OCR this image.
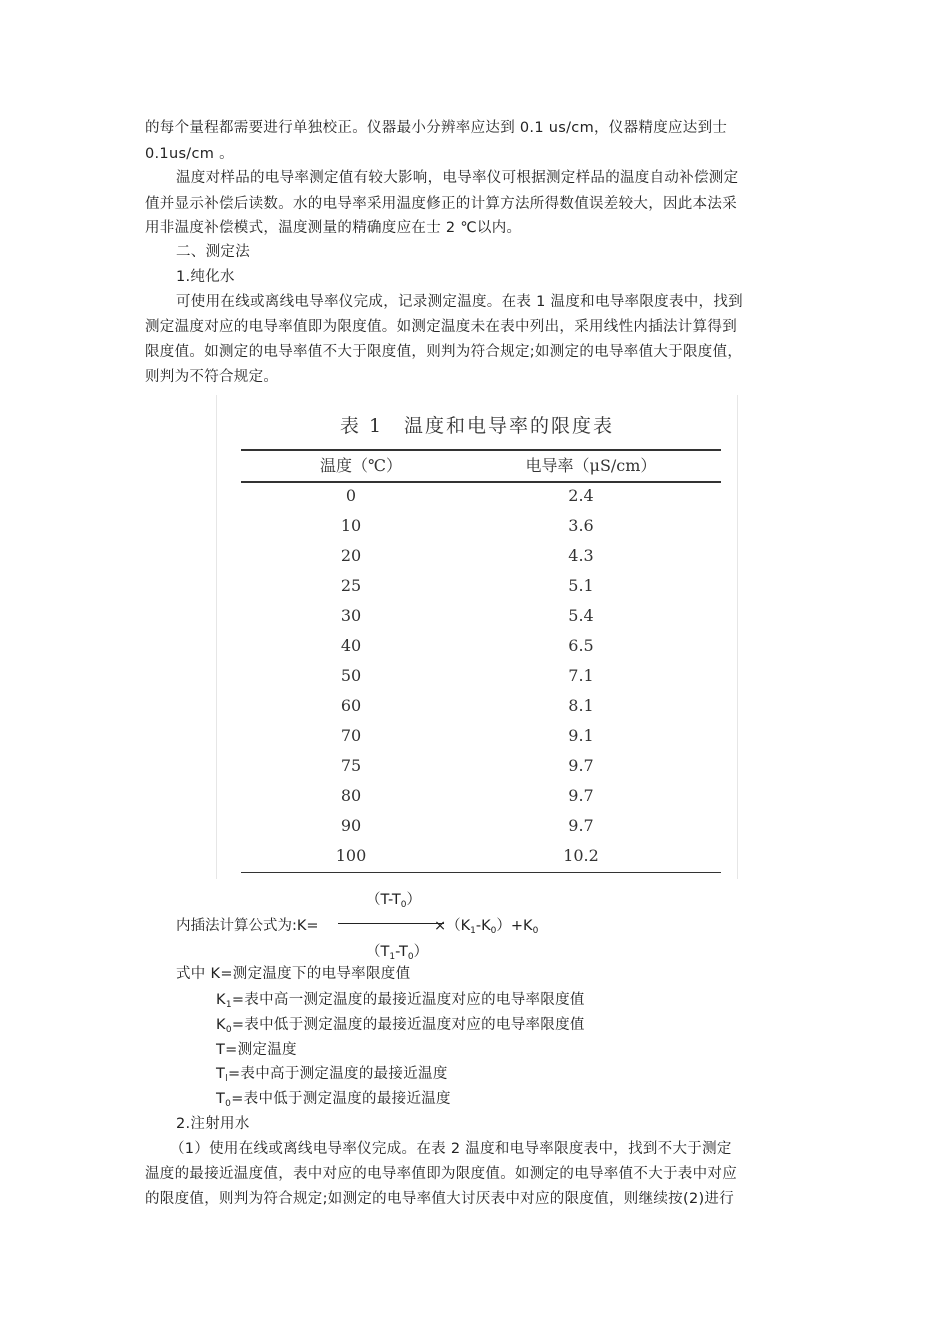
的每个量程都需要进行单独校正。仪器最小分辨率应达到 0.1 us/cm，仪器精度应达到士
0.1us/cm 。
温度对样品的电导率测定值有较大影响，电导率仪可根据测定样品的温度自动补偿测定
值并显示补偿后读数。水的电导率采用温度修正的计算方法所得数值误差较大，因此本法采
用非温度补偿模式，温度测量的精确度应在士 2 ℃以内。
二、测定法
1.纯化水
可使用在线或离线电导率仪完成，记录测定温度。在表 1 温度和电导率限度表中，找到
测定温度对应的电导率值即为限度值。如测定温度未在表中列出，采用线性内插法计算得到
限度值。如测定的电导率值不大于限度值，则判为符合规定;如测定的电导率值大于限度值，
则判为不符合规定。
表 1　温度和电导率的限度表
温度（℃）	电导率（μS/cm）
0	2.4
10	3.6
20	4.3
25	5.1
30	5.4
40	6.5
50	7.1
60	8.1
70	9.1
75	9.7
80	9.7
90	9.7
100	10.2
内插法计算公式为:K=
$(T-T_0)$
$(T_1-T_0)$
$\times(K_1-K_0)+K_0$
式中 K=测定温度下的电导率限度值
$K_1=$表中高一测定温度的最接近温度对应的电导率限度值
$K_0=$表中低于测定温度的最接近温度对应的电导率限度值
T=测定温度
$T_l=$表中高于测定温度的最接近温度
$T_0=$表中低于测定温度的最接近温度
2.注射用水
（1）使用在线或离线电导率仪完成。在表 2 温度和电导率限度表中，找到不大于测定
温度的最接近温度值，表中对应的电导率值即为限度值。如测定的电导率值不大于表中对应
的限度值，则判为符合规定;如测定的电导率值大讨厌表中对应的限度值，则继续按(2)进行
